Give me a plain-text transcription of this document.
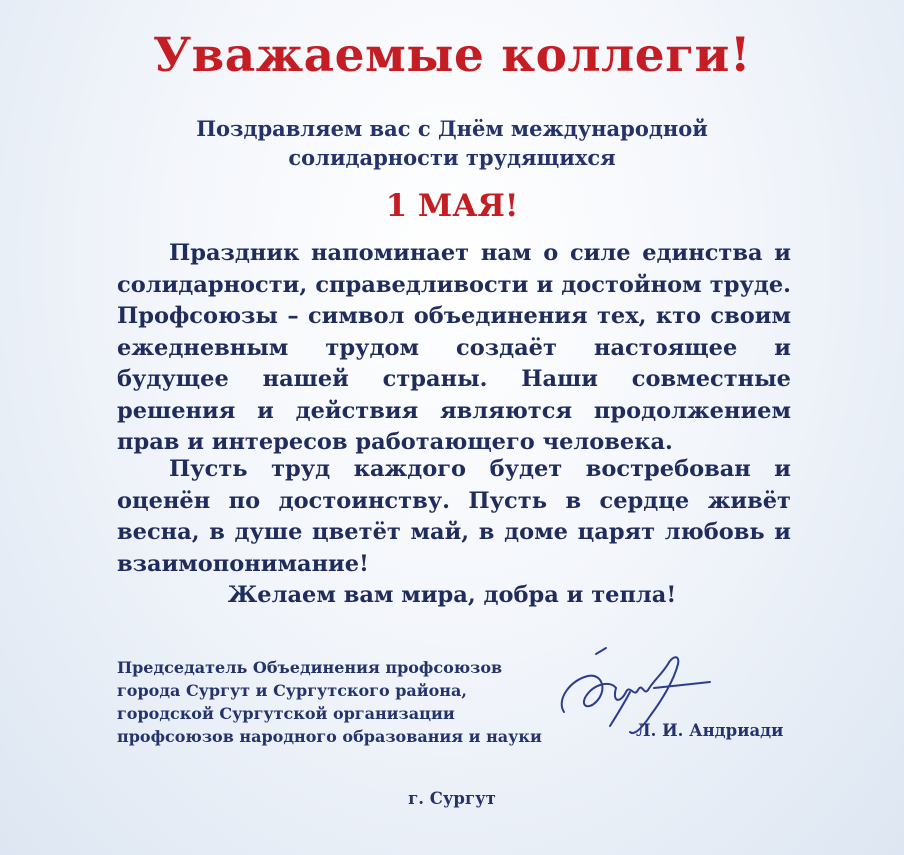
Уважаемые коллеги!
Поздравляем вас с Днём международной
солидарности трудящихся
1 МАЯ!

Праздник напоминает нам о силе единства и солидарности, справедливости и достойном труде. Профсоюзы – символ объединения тех, кто своим ежедневным трудом создаёт настоящее и будущее нашей страны. Наши совместные решения и действия являются продолжением прав и интересов работающего человека.

Пусть труд каждого будет востребован и оценён по достоинству. Пусть в сердце живёт весна, в душе цветёт май, в доме царят любовь и взаимопонимание!

Желаем вам мира, добра и тепла!
Председатель Объединения профсоюзов
города Сургут и Сургутского района,
городской Сургутской организации
профсоюзов народного образования и науки	Л. И. Андриади
г. Сургут
